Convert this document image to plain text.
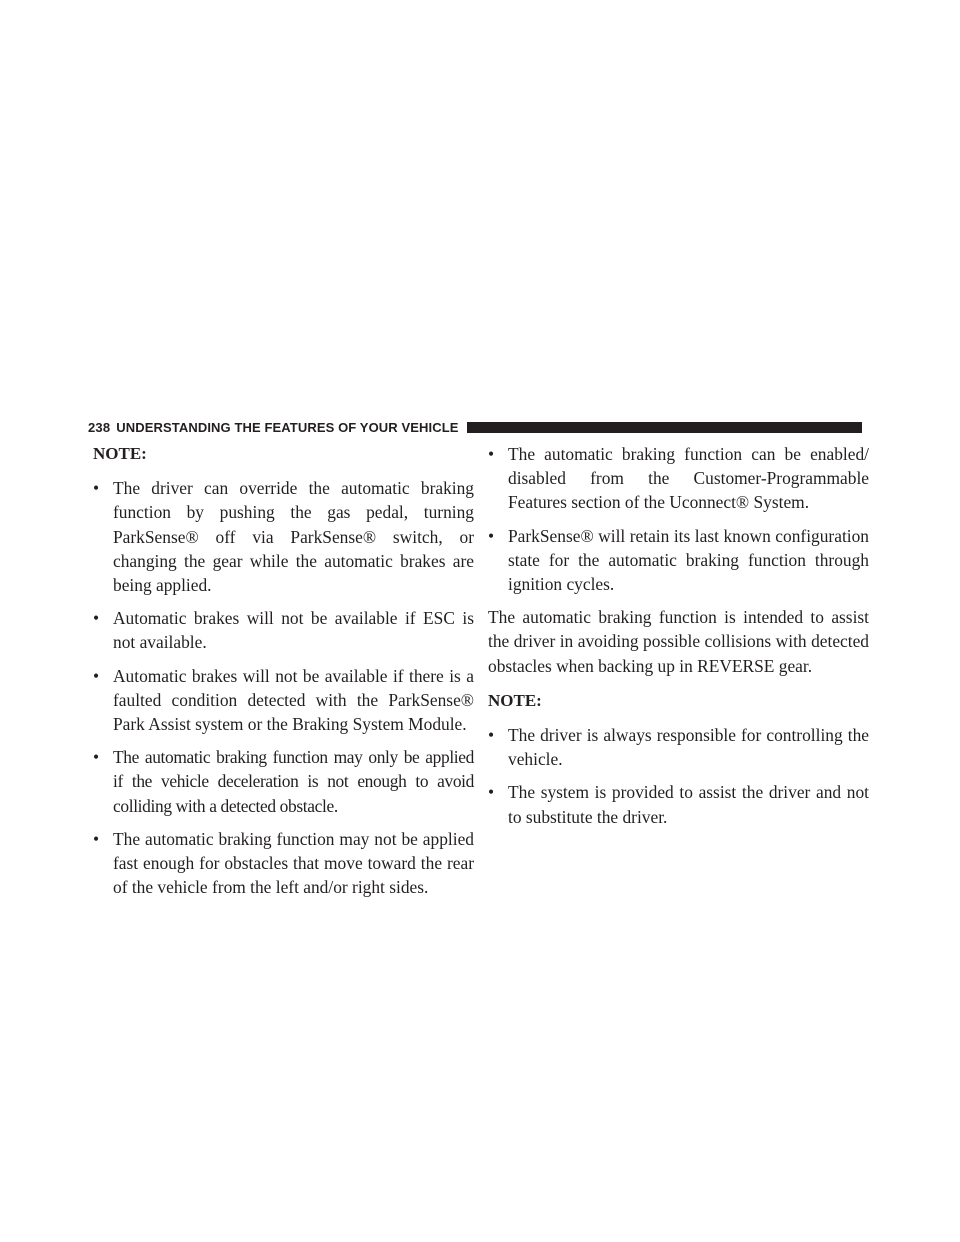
238 UNDERSTANDING THE FEATURES OF YOUR VEHICLE
NOTE:
• The driver can override the automatic braking function by pushing the gas pedal, turning ParkSense® off via ParkSense® switch, or changing the gear while the automatic brakes are being applied.
• Automatic brakes will not be available if ESC is not available.
• Automatic brakes will not be available if there is a faulted condition detected with the ParkSense® Park Assist system or the Braking System Module.
• The automatic braking function may only be applied if the vehicle deceleration is not enough to avoid colliding with a detected obstacle.
• The automatic braking function may not be applied fast enough for obstacles that move toward the rear of the vehicle from the left and/or right sides.
• The automatic braking function can be enabled/ disabled from the Customer-Programmable Features section of the Uconnect® System.
• ParkSense® will retain its last known configuration state for the automatic braking function through ignition cycles.

The automatic braking function is intended to assist the driver in avoiding possible collisions with detected obstacles when backing up in REVERSE gear.

NOTE:
• The driver is always responsible for controlling the vehicle.
• The system is provided to assist the driver and not to substitute the driver.
